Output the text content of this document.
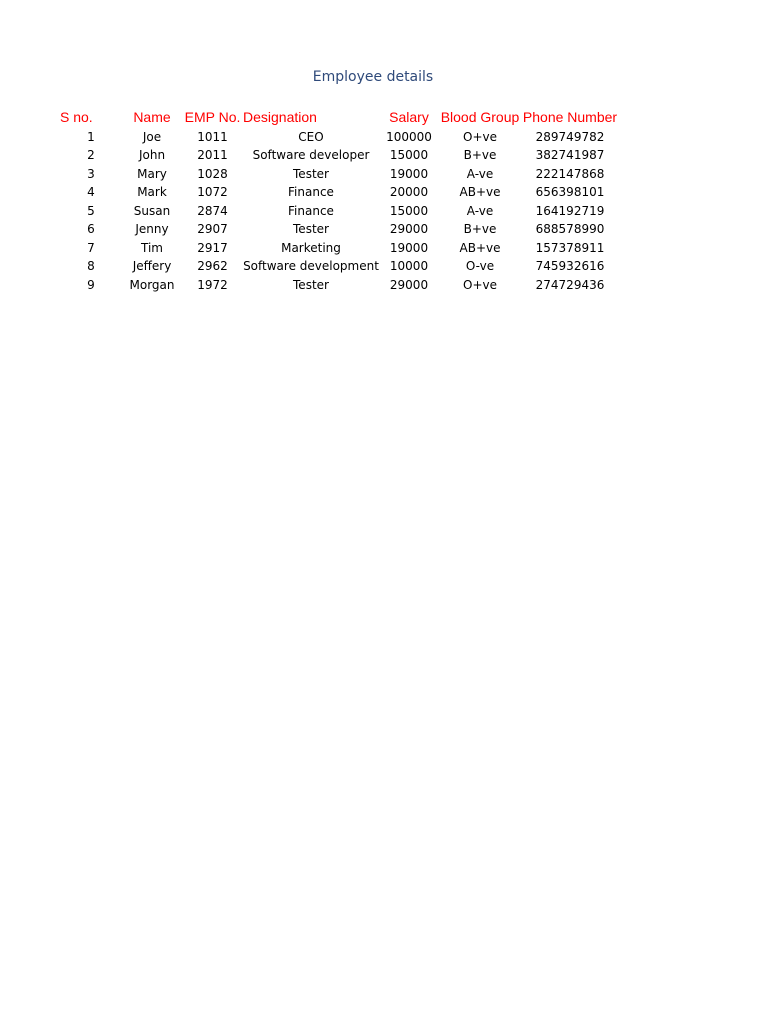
Employee details
S no.	Name	EMP No.	Designation	Salary	Blood Group	Phone Number
1	Joe	1011	CEO	100000	O+ve	289749782
2	John	2011	Software developer	15000	B+ve	382741987
3	Mary	1028	Tester	19000	A-ve	222147868
4	Mark	1072	Finance	20000	AB+ve	656398101
5	Susan	2874	Finance	15000	A-ve	164192719
6	Jenny	2907	Tester	29000	B+ve	688578990
7	Tim	2917	Marketing	19000	AB+ve	157378911
8	Jeffery	2962	Software development	10000	O-ve	745932616
9	Morgan	1972	Tester	29000	O+ve	274729436
